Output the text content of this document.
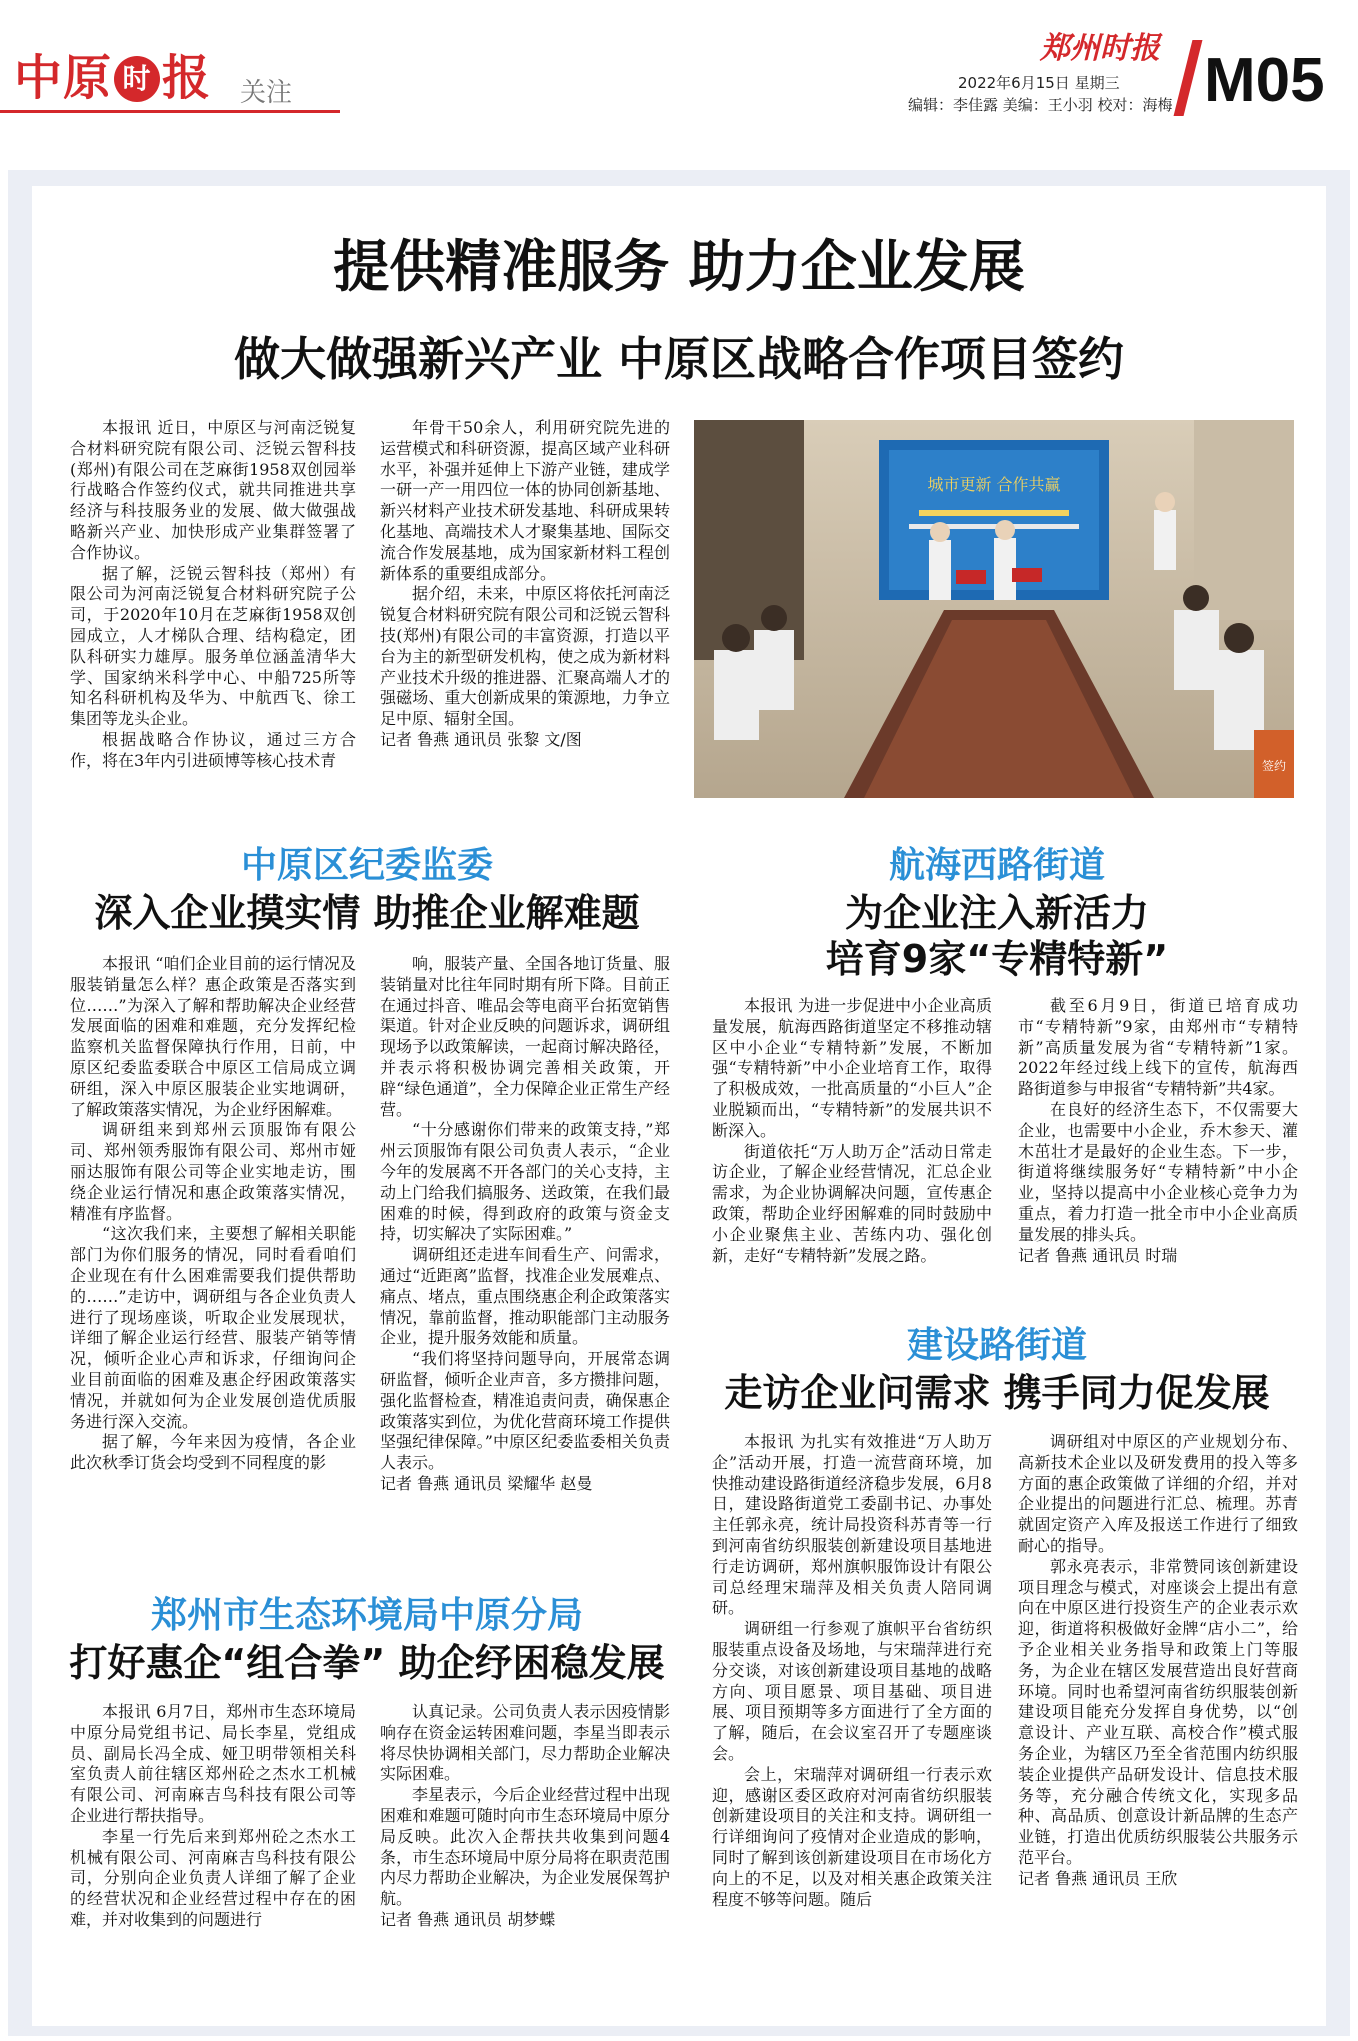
中原 时 报 关注
郑州时报
2022年6月15日 星期三
编辑：李佳露 美编：王小羽 校对：海梅 M05
提供精准服务 助力企业发展
做大做强新兴产业 中原区战略合作项目签约

本报讯 近日，中原区与河南泛锐复合材料研究院有限公司、泛锐云智科技(郑州)有限公司在芝麻街1958双创园举行战略合作签约仪式，就共同推进共享经济与科技服务业的发展、做大做强战略新兴产业、加快形成产业集群签署了合作协议。

据了解，泛锐云智科技（郑州）有限公司为河南泛锐复合材料研究院子公司，于2020年10月在芝麻街1958双创园成立，人才梯队合理、结构稳定，团队科研实力雄厚。服务单位涵盖清华大学、国家纳米科学中心、中船725所等知名科研机构及华为、中航西飞、徐工集团等龙头企业。

根据战略合作协议，通过三方合作，将在3年内引进硕博等核心技术青

年骨干50余人，利用研究院先进的运营模式和科研资源，提高区域产业科研水平，补强并延伸上下游产业链，建成学一研一产一用四位一体的协同创新基地、新兴材料产业技术研发基地、科研成果转化基地、高端技术人才聚集基地、国际交流合作发展基地，成为国家新材料工程创新体系的重要组成部分。

据介绍，未来，中原区将依托河南泛锐复合材料研究院有限公司和泛锐云智科技(郑州)有限公司的丰富资源，打造以平台为主的新型研发机构，使之成为新材料产业技术升级的推进器、汇聚高端人才的强磁场、重大创新成果的策源地，力争立足中原、辐射全国。

记者 鲁燕 通讯员 张黎 文/图

城市更新 合作共赢
签约
中原区纪委监委
深入企业摸实情 助推企业解难题

本报讯 “咱们企业目前的运行情况及服装销量怎么样？惠企政策是否落实到位……”为深入了解和帮助解决企业经营发展面临的困难和难题，充分发挥纪检监察机关监督保障执行作用，日前，中原区纪委监委联合中原区工信局成立调研组，深入中原区服装企业实地调研，了解政策落实情况，为企业纾困解难。

调研组来到郑州云顶服饰有限公司、郑州领秀服饰有限公司、郑州市娅丽达服饰有限公司等企业实地走访，围绕企业运行情况和惠企政策落实情况，精准有序监督。

“这次我们来，主要想了解相关职能部门为你们服务的情况，同时看看咱们企业现在有什么困难需要我们提供帮助的……”走访中，调研组与各企业负责人进行了现场座谈，听取企业发展现状，详细了解企业运行经营、服装产销等情况，倾听企业心声和诉求，仔细询问企业目前面临的困难及惠企纾困政策落实情况，并就如何为企业发展创造优质服务进行深入交流。

据了解，今年来因为疫情，各企业此次秋季订货会均受到不同程度的影

响，服装产量、全国各地订货量、服装销量对比往年同时期有所下降。目前正在通过抖音、唯品会等电商平台拓宽销售渠道。针对企业反映的问题诉求，调研组现场予以政策解读，一起商讨解决路径，并表示将积极协调完善相关政策，开辟“绿色通道”，全力保障企业正常生产经营。

“十分感谢你们带来的政策支持，”郑州云顶服饰有限公司负责人表示，“企业今年的发展离不开各部门的关心支持，主动上门给我们搞服务、送政策，在我们最困难的时候，得到政府的政策与资金支持，切实解决了实际困难。”

调研组还走进车间看生产、问需求，通过“近距离”监督，找准企业发展难点、痛点、堵点，重点围绕惠企利企政策落实情况，靠前监督，推动职能部门主动服务企业，提升服务效能和质量。

“我们将坚持问题导向，开展常态调研监督，倾听企业声音，多方攒排问题，强化监督检查，精准追责问责，确保惠企政策落实到位，为优化营商环境工作提供坚强纪律保障。”中原区纪委监委相关负责人表示。

记者 鲁燕 通讯员 梁耀华 赵曼

郑州市生态环境局中原分局
打好惠企“组合拳” 助企纾困稳发展

本报讯 6月7日，郑州市生态环境局中原分局党组书记、局长李星，党组成员、副局长冯全成、娅卫明带领相关科室负责人前往辖区郑州砼之杰水工机械有限公司、河南麻吉鸟科技有限公司等企业进行帮扶指导。

李星一行先后来到郑州砼之杰水工机械有限公司、河南麻吉鸟科技有限公司，分别向企业负责人详细了解了企业的经营状况和企业经营过程中存在的困难，并对收集到的问题进行

认真记录。公司负责人表示因疫情影响存在资金运转困难问题，李星当即表示将尽快协调相关部门，尽力帮助企业解决实际困难。

李星表示，今后企业经营过程中出现困难和难题可随时向市生态环境局中原分局反映。此次入企帮扶共收集到问题4条，市生态环境局中原分局将在职责范围内尽力帮助企业解决，为企业发展保驾护航。

记者 鲁燕 通讯员 胡梦蝶

航海西路街道
为企业注入新活力
培育9家“专精特新”

本报讯 为进一步促进中小企业高质量发展，航海西路街道坚定不移推动辖区中小企业“专精特新”发展，不断加强“专精特新”中小企业培育工作，取得了积极成效，一批高质量的“小巨人”企业脱颖而出，“专精特新”的发展共识不断深入。

街道依托“万人助万企”活动日常走访企业，了解企业经营情况，汇总企业需求，为企业协调解决问题，宣传惠企政策，帮助企业纾困解难的同时鼓励中小企业聚焦主业、苦练内功、强化创新，走好“专精特新”发展之路。

截至6月9日，街道已培育成功市“专精特新”9家，由郑州市“专精特新”高质量发展为省“专精特新”1家。2022年经过线上线下的宣传，航海西路街道参与申报省“专精特新”共4家。

在良好的经济生态下，不仅需要大企业，也需要中小企业，乔木参天、灌木茁壮才是最好的企业生态。下一步，街道将继续服务好“专精特新”中小企业，坚持以提高中小企业核心竞争力为重点，着力打造一批全市中小企业高质量发展的排头兵。

记者 鲁燕 通讯员 时瑞

建设路街道
走访企业问需求 携手同力促发展

本报讯 为扎实有效推进“万人助万企”活动开展，打造一流营商环境，加快推动建设路街道经济稳步发展，6月8日，建设路街道党工委副书记、办事处主任郭永亮，统计局投资科苏青等一行到河南省纺织服装创新建设项目基地进行走访调研，郑州旗帜服饰设计有限公司总经理宋瑞萍及相关负责人陪同调研。

调研组一行参观了旗帜平台省纺织服装重点设备及场地，与宋瑞萍进行充分交谈，对该创新建设项目基地的战略方向、项目愿景、项目基础、项目进展、项目预期等多方面进行了全方面的了解，随后，在会议室召开了专题座谈会。

会上，宋瑞萍对调研组一行表示欢迎，感谢区委区政府对河南省纺织服装创新建设项目的关注和支持。调研组一行详细询问了疫情对企业造成的影响，同时了解到该创新建设项目在市场化方向上的不足，以及对相关惠企政策关注程度不够等问题。随后

调研组对中原区的产业规划分布、高新技术企业以及研发费用的投入等多方面的惠企政策做了详细的介绍，并对企业提出的问题进行汇总、梳理。苏青就固定资产入库及报送工作进行了细致耐心的指导。

郭永亮表示，非常赞同该创新建设项目理念与模式，对座谈会上提出有意向在中原区进行投资生产的企业表示欢迎，街道将积极做好金牌“店小二”，给予企业相关业务指导和政策上门等服务，为企业在辖区发展营造出良好营商环境。同时也希望河南省纺织服装创新建设项目能充分发挥自身优势，以“创意设计、产业互联、高校合作”模式服务企业，为辖区乃至全省范围内纺织服装企业提供产品研发设计、信息技术服务等，充分融合传统文化，实现多品种、高品质、创意设计新品牌的生态产业链，打造出优质纺织服装公共服务示范平台。

记者 鲁燕 通讯员 王欣
